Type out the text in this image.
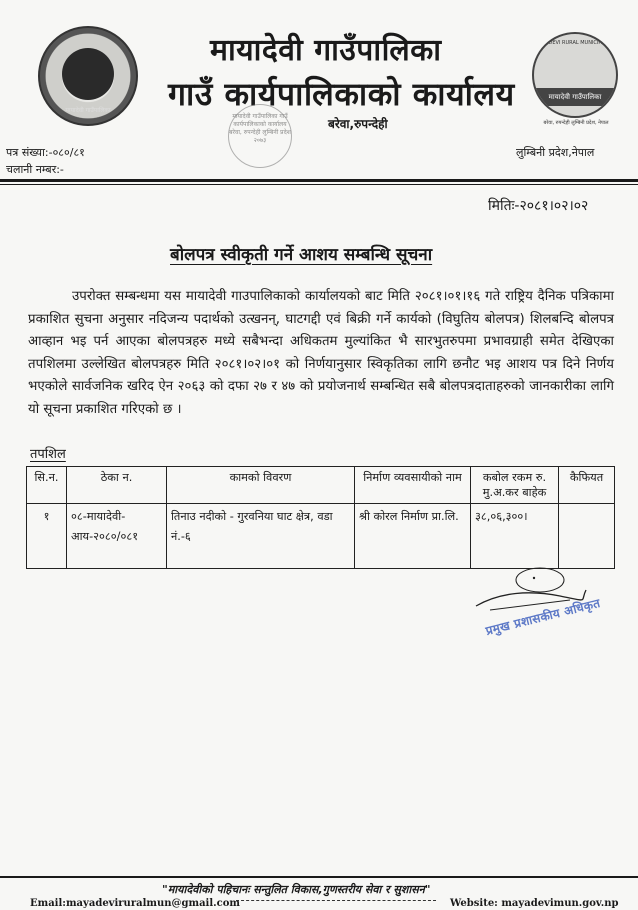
मायादेवी गाउँपालिका
MAYADEVI RURAL MUNICIPALITY
मायादेवी गाउँपालिका
बरेवा, रुपन्देही लुम्बिनी प्रदेश, नेपाल
मायादेवी गाउँपालिका
गाउँ कार्यपालिकाको कार्यालय
मायादेवी गाउँपालिका गाउँ कार्यपालिकाको कार्यालय बरेवा, रुपन्देही लुम्बिनी प्रदेश २०७३
बरेवा,रुपन्देही
पत्र संख्या:-०८०/८१
चलानी नम्बर:-
लुम्बिनी प्रदेश,नेपाल
मितिः-२०८१।०२।०२
बोलपत्र स्वीकृती गर्ने आशय सम्बन्धि सूचना
उपरोक्त सम्बन्धमा यस मायादेवी गाउपालिकाको कार्यालयको बाट मिति २०८१।०१।१६ गते राष्ट्रिय दैनिक पत्रिकामा प्रकाशित सुचना अनुसार नदिजन्य पदार्थको उत्खनन्, घाटगद्दी एवं बिक्री गर्ने कार्यको (विघुतिय बोलपत्र) शिलबन्दि बोलपत्र आव्हान भइ पर्न आएका बोलपत्रहरु मध्ये सबैभन्दा अधिकतम मुल्यांकित भै सारभुतरुपमा प्रभावग्राही समेत देखिएका तपशिलमा उल्लेखित बोलपत्रहरु मिति २०८१।०२।०१ को निर्णयानुसार स्विकृतिका लागि छनौट भइ आशय पत्र दिने निर्णय भएकोले सार्वजनिक खरिद ऐन २०६३ को दफा २७ र ४७ को प्रयोजनार्थ सम्बन्धित सबै बोलपत्रदाताहरुको जानकारीका लागि यो सूचना प्रकाशित गरिएको छ ।
तपशिल
सि.न.	ठेका न.	कामको विवरण	निर्माण व्यवसायीको नाम	कबोल रकम रु. मु.अ.कर बाहेक	कैफियत
१	०८-मायादेवी-आय-२०८०/०८१	तिनाउ नदीको - गुरवनिया घाट क्षेत्र, वडा नं.-६	श्री कोरल निर्माण प्रा.लि.	३८,०६,३००।	
प्रमुख प्रशासकीय अधिकृत
"मायादेवीको पहिचानः सन्तुलित विकास,गुणस्तरीय सेवा र सुशासन"
Email:mayadeviruralmun@gmail.com	Website: mayadevimun.gov.np
